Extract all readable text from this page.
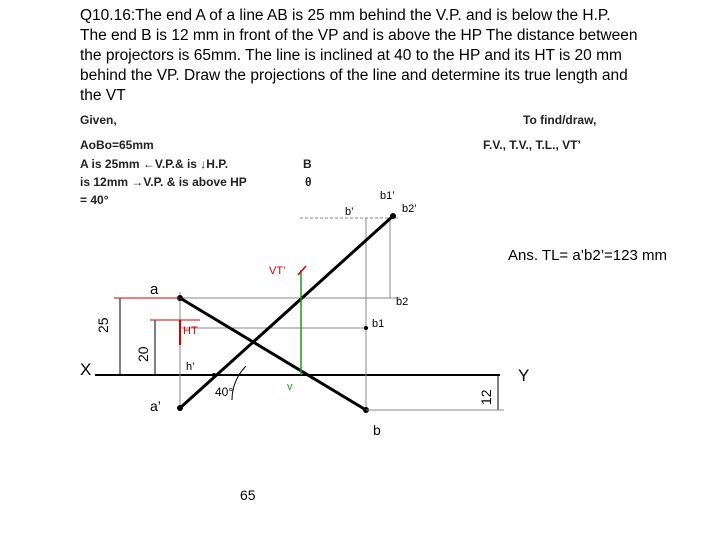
Q10.16:The end A of a line AB is 25 mm behind the V.P. and is below the H.P. The end B is 12 mm in front of the VP and is above the HP The distance between the projectors is 65mm. The line is inclined at 40 to the HP and its HT is 20 mm behind the VP. Draw the projections of the line and determine its true length and the VT
Given,
AoBo=65mm
A is 25mm ←V.P.& is ↓H.P.
is 12mm →V.P. & is above HP
= 40°
B
θ
To find/draw,
F.V., T.V., T.L., VT’
Ans. TL= a’b2’=123 mm
X	Y
a
a’
b
b’
b1
b2
b1’
b2’
h’
v
HT
VT’
40°
25
20
12
65
